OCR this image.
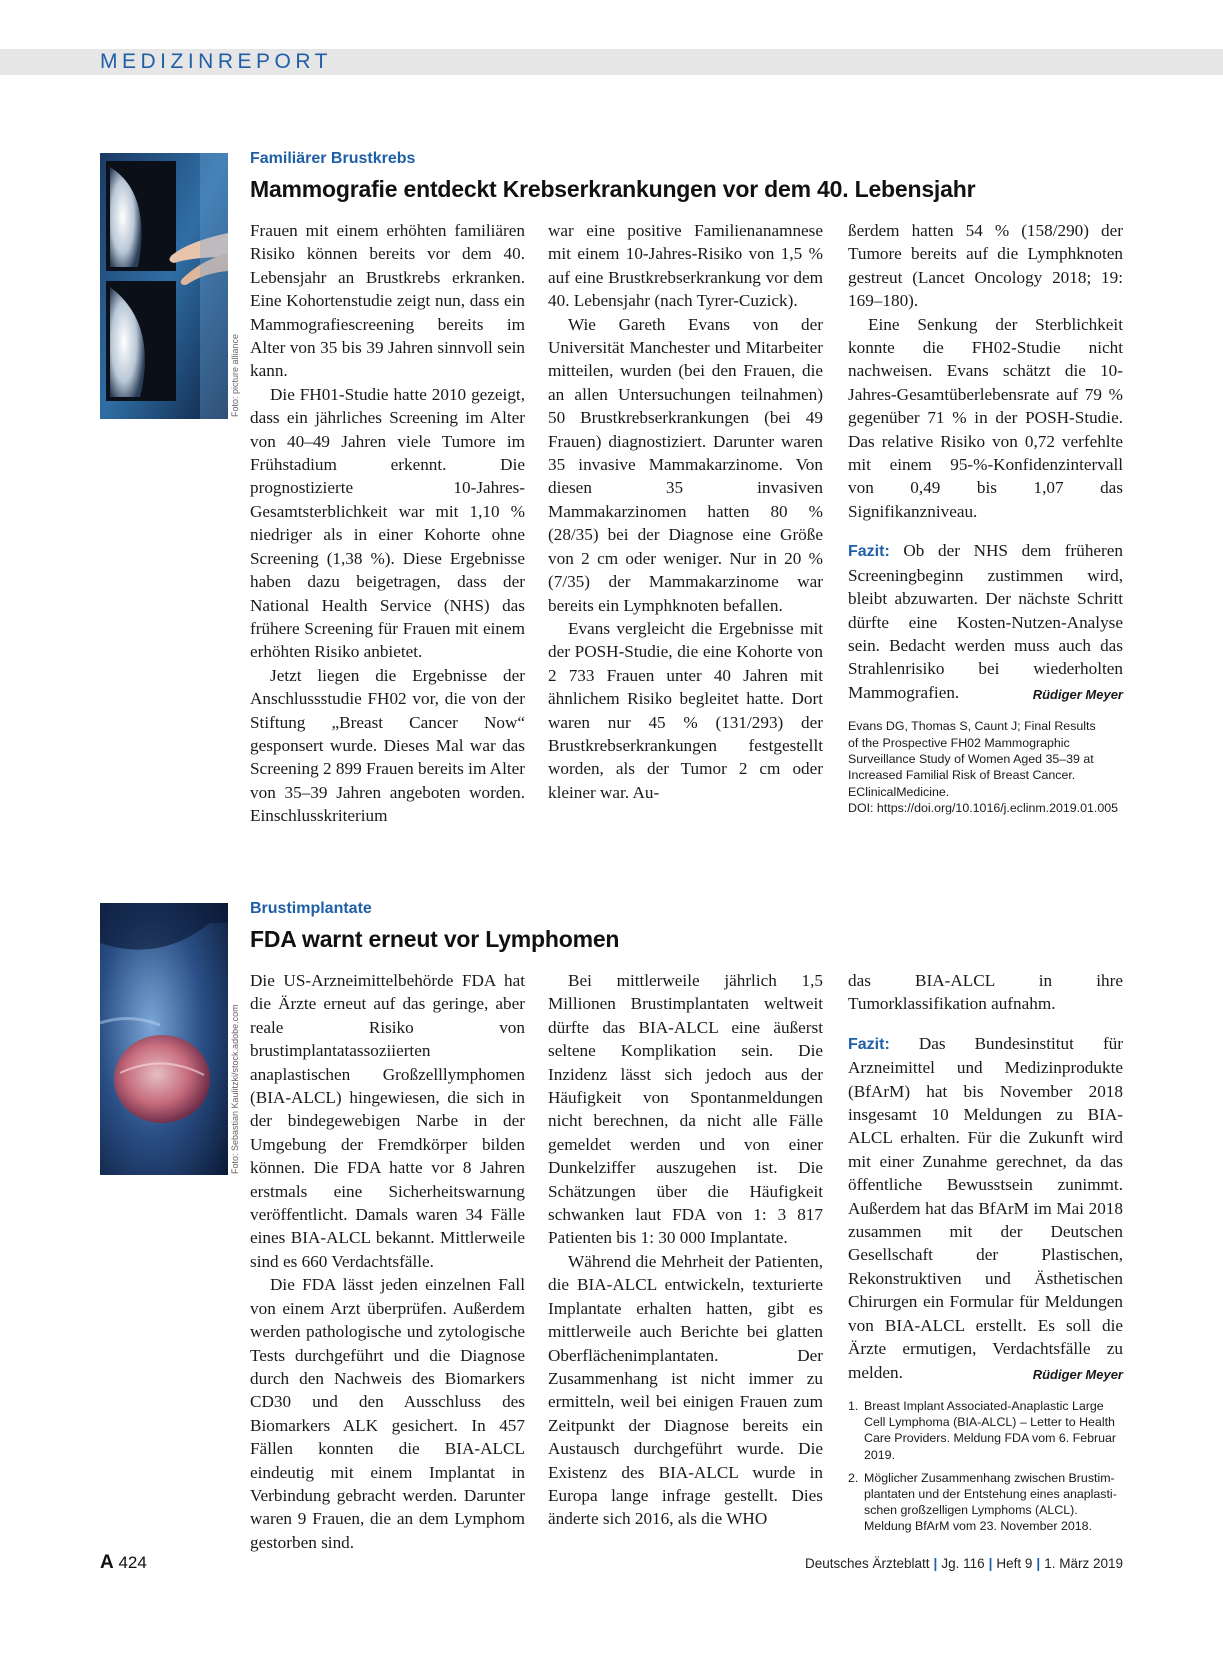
MEDIZINREPORT
Foto: picture alliance
Familiärer Brustkrebs
Mammografie entdeckt Krebserkrankungen vor dem 40. Lebensjahr

Frauen mit einem erhöhten familiären Risiko können bereits vor dem 40. Lebensjahr an Brustkrebs erkranken. Eine Kohortenstudie zeigt nun, dass ein Mammografiescreening bereits im Alter von 35 bis 39 Jahren sinnvoll sein kann.

Die FH01-Studie hatte 2010 gezeigt, dass ein jährliches Screening im Alter von 40–49 Jahren viele Tumore im Frühstadium erkennt. Die prognostizierte 10-Jahres-Gesamtsterblichkeit war mit 1,10 % niedriger als in einer Kohorte ohne Screening (1,38 %). Diese Ergebnisse haben dazu beigetragen, dass der National Health Service (NHS) das frühere Screening für Frauen mit einem erhöhten Risiko anbietet.

Jetzt liegen die Ergebnisse der Anschlussstudie FH02 vor, die von der Stiftung „Breast Cancer Now“ gesponsert wurde. Dieses Mal war das Screening 2 899 Frauen bereits im Alter von 35–39 Jahren angeboten worden. Einschlusskriterium

war eine positive Familienanamnese mit einem 10-Jahres-Risiko von 1,5 % auf eine Brustkrebserkrankung vor dem 40. Lebensjahr (nach Tyrer-Cuzick).

Wie Gareth Evans von der Universität Manchester und Mitarbeiter mitteilen, wurden (bei den Frauen, die an allen Untersuchungen teilnahmen) 50 Brustkrebserkrankungen (bei 49 Frauen) diagnostiziert. Darunter waren 35 invasive Mammakarzinome. Von diesen 35 invasiven Mammakarzinomen hatten 80 % (28/35) bei der Diagnose eine Größe von 2 cm oder weniger. Nur in 20 % (7/35) der Mammakarzinome war bereits ein Lymphknoten befallen.

Evans vergleicht die Ergebnisse mit der POSH-Studie, die eine Kohorte von 2 733 Frauen unter 40 Jahren mit ähnlichem Risiko begleitet hatte. Dort waren nur 45 % (131/293) der Brustkrebserkrankungen festgestellt worden, als der Tumor 2 cm oder kleiner war. Au-

ßerdem hatten 54 % (158/290) der Tumore bereits auf die Lymphknoten gestreut (Lancet Oncology 2018; 19: 169–180).

Eine Senkung der Sterblichkeit konnte die FH02-Studie nicht nachweisen. Evans schätzt die 10-Jahres-Gesamtüberlebensrate auf 79 % gegenüber 71 % in der POSH-Studie. Das relative Risiko von 0,72 verfehlte mit einem 95-%-Konfidenzintervall von 0,49 bis 1,07 das Signifikanzniveau.

Fazit: Ob der NHS dem früheren Screeningbeginn zustimmen wird, bleibt abzuwarten. Der nächste Schritt dürfte eine Kosten-Nutzen-Analyse sein. Bedacht werden muss auch das Strahlenrisiko bei wiederholten Mammografien.	Rüdiger Meyer

Evans DG, Thomas S, Caunt J; Final Results
of the Prospective FH02 Mammographic
Surveillance Study of Women Aged 35–39 at
Increased Familial Risk of Breast Cancer.
EClinicalMedicine.
DOI: https://doi.org/10.1016/j.eclinm.2019.01.005
Foto: Sebastian Kaulitzki/stock.adobe.com
Brustimplantate
FDA warnt erneut vor Lymphomen

Die US-Arzneimittelbehörde FDA hat die Ärzte erneut auf das geringe, aber reale Risiko von brustimplantatassoziierten anaplastischen Großzelllymphomen (BIA-ALCL) hingewiesen, die sich in der bindegewebigen Narbe in der Umgebung der Fremdkörper bilden können. Die FDA hatte vor 8 Jahren erstmals eine Sicherheitswarnung veröffentlicht. Damals waren 34 Fälle eines BIA-ALCL bekannt. Mittlerweile sind es 660 Verdachtsfälle.

Die FDA lässt jeden einzelnen Fall von einem Arzt überprüfen. Außerdem werden pathologische und zytologische Tests durchgeführt und die Diagnose durch den Nachweis des Biomarkers CD30 und den Ausschluss des Biomarkers ALK gesichert. In 457 Fällen konnten die BIA-ALCL eindeutig mit einem Implantat in Verbindung gebracht werden. Darunter waren 9 Frauen, die an dem Lymphom gestorben sind.

Bei mittlerweile jährlich 1,5 Millionen Brustimplantaten weltweit dürfte das BIA-ALCL eine äußerst seltene Komplikation sein. Die Inzidenz lässt sich jedoch aus der Häufigkeit von Spontanmeldungen nicht berechnen, da nicht alle Fälle gemeldet werden und von einer Dunkelziffer auszugehen ist. Die Schätzungen über die Häufigkeit schwanken laut FDA von 1: 3 817 Patienten bis 1: 30 000 Implantate.

Während die Mehrheit der Patienten, die BIA-ALCL entwickeln, texturierte Implantate erhalten hatten, gibt es mittlerweile auch Berichte bei glatten Oberflächenimplantaten. Der Zusammenhang ist nicht immer zu ermitteln, weil bei einigen Frauen zum Zeitpunkt der Diagnose bereits ein Austausch durchgeführt wurde. Die Existenz des BIA-ALCL wurde in Europa lange infrage gestellt. Dies änderte sich 2016, als die WHO

das BIA-ALCL in ihre Tumorklassifikation aufnahm.

Fazit: Das Bundesinstitut für Arzneimittel und Medizinprodukte (BfArM) hat bis November 2018 insgesamt 10 Meldungen zu BIA-ALCL erhalten. Für die Zukunft wird mit einer Zunahme gerechnet, da das öffentliche Bewusstsein zunimmt. Außerdem hat das BfArM im Mai 2018 zusammen mit der Deutschen Gesellschaft der Plastischen, Rekonstruktiven und Ästhetischen Chirurgen ein Formular für Meldungen von BIA-ALCL erstellt. Es soll die Ärzte ermutigen, Verdachtsfälle zu melden.	Rüdiger Meyer

1. Breast Implant Associated-Anaplastic Large
Cell Lymphoma (BIA-ALCL) – Letter to Health
Care Providers. Meldung FDA vom 6. Februar
2019.
2. Möglicher Zusammenhang zwischen Brustim-
plantaten und der Entstehung eines anaplasti-
schen großzelligen Lymphoms (ALCL).
Meldung BfArM vom 23. November 2018.
A 424	Deutsches Ärzteblatt | Jg. 116 | Heft 9 | 1. März 2019
